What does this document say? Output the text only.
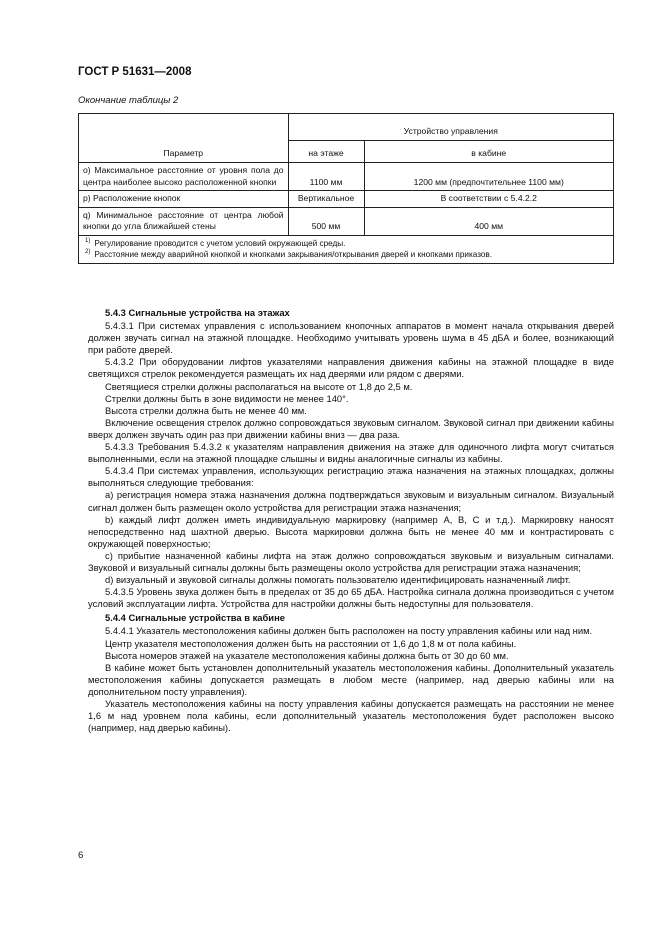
ГОСТ Р 51631—2008
Окончание таблицы 2
Параметр	Устройство управления	
	на этаже	в кабине
о) Максимальное расстояние от уровня пола до центра наиболее высоко расположенной кнопки	1100 мм	1200 мм (предпочтительнее 1100 мм)
р) Расположение кнопок	Вертикальное	В соответствии с 5.4.2.2
q) Минимальное расстояние от центра любой кнопки до угла ближайшей стены	500 мм	400 мм

$^{1)}$ Регулирование проводится с учетом условий окружающей среды.
$^{2)}$ Расстояние между аварийной кнопкой и кнопками закрывания/открывания дверей и кнопками приказов.		

5.4.3 Сигнальные устройства на этажах

5.4.3.1 При системах управления с использованием кнопочных аппаратов в момент начала открывания дверей должен звучать сигнал на этажной площадке. Необходимо учитывать уровень шума в 45 дБА и более, возникающий при работе дверей.

5.4.3.2 При оборудовании лифтов указателями направления движения кабины на этажной площадке в виде светящихся стрелок рекомендуется размещать их над дверями или рядом с дверями.

Светящиеся стрелки должны располагаться на высоте от 1,8 до 2,5 м.

Стрелки должны быть в зоне видимости не менее 140°.

Высота стрелки должна быть не менее 40 мм.

Включение освещения стрелок должно сопровождаться звуковым сигналом. Звуковой сигнал при движении кабины вверх должен звучать один раз при движении кабины вниз — два раза.

5.4.3.3 Требования 5.4.3.2 к указателям направления движения на этаже для одиночного лифта могут считаться выполненными, если на этажной площадке слышны и видны аналогичные сигналы из кабины.

5.4.3.4 При системах управления, использующих регистрацию этажа назначения на этажных площадках, должны выполняться следующие требования:

а) регистрация номера этажа назначения должна подтверждаться звуковым и визуальным сигналом. Визуальный сигнал должен быть размещен около устройства для регистрации этажа назначения;

b) каждый лифт должен иметь индивидуальную маркировку (например А, В, С и т.д.). Маркировку наносят непосредственно над шахтной дверью. Высота маркировки должна быть не менее 40 мм и контрастировать с окружающей поверхностью;

с) прибытие назначенной кабины лифта на этаж должно сопровождаться звуковым и визуальным сигналами. Звуковой и визуальный сигналы должны быть размещены около устройства для регистрации этажа назначения;

d) визуальный и звуковой сигналы должны помогать пользователю идентифицировать назначенный лифт.

5.4.3.5 Уровень звука должен быть в пределах от 35 до 65 дБА. Настройка сигнала должна производиться с учетом условий эксплуатации лифта. Устройства для настройки должны быть недоступны для пользователя.

5.4.4 Сигнальные устройства в кабине

5.4.4.1 Указатель местоположения кабины должен быть расположен на посту управления кабины или над ним.

Центр указателя местоположения должен быть на расстоянии от 1,6 до 1,8 м от пола кабины.

Высота номеров этажей на указателе местоположения кабины должна быть от 30 до 60 мм.

В кабине может быть установлен дополнительный указатель местоположения кабины. Дополнительный указатель местоположения кабины допускается размещать в любом месте (например, над дверью кабины или на дополнительном посту управления).

Указатель местоположения кабины на посту управления кабины допускается размещать на расстоянии не менее 1,6 м над уровнем пола кабины, если дополнительный указатель местоположения будет расположен высоко (например, над дверью кабины).

6
